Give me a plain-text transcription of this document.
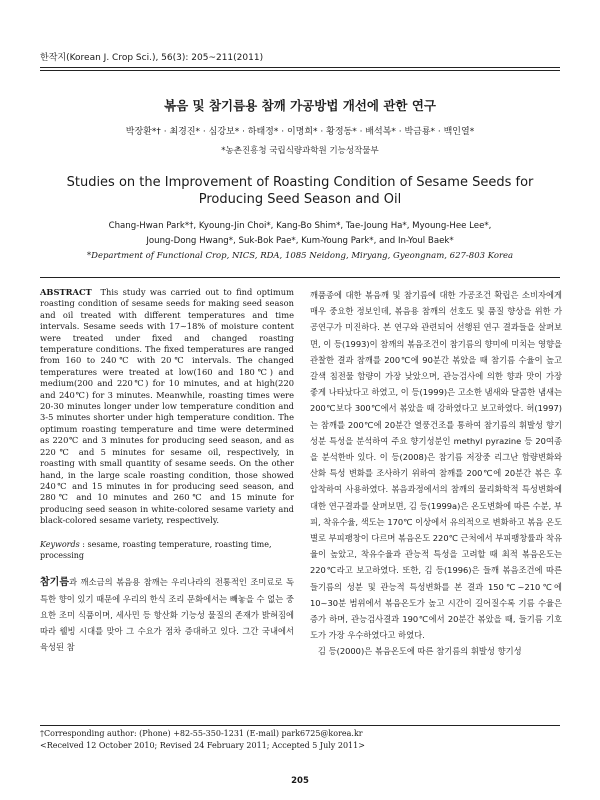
한작지(Korean J. Crop Sci.), 56(3): 205~211(2011)
볶음 및 참기름용 참깨 가공방법 개선에 관한 연구
박장환*† · 최경진* · 심강보* · 하태정* · 이명희* · 황정동* · 배석복* · 박금룡* · 백인열*
*농촌진흥청 국립식량과학원 기능성작물부
Studies on the Improvement of Roasting Condition of Sesame Seeds for
Producing Seed Season and Oil
Chang-Hwan Park*†, Kyoung-Jin Choi*, Kang-Bo Shim*, Tae-Joung Ha*, Myoung-Hee Lee*,
Joung-Dong Hwang*, Suk-Bok Pae*, Kum-Young Park*, and In-Youl Baek*
*Department of Functional Crop, NICS, RDA, 1085 Neidong, Miryang, Gyeongnam, 627-803 Korea

ABSTRACT This study was carried out to find optimum roasting condition of sesame seeds for making seed season and oil treated with different temperatures and time intervals. Sesame seeds with 17~18% of moisture content were treated under fixed and changed roasting temperature conditions. The fixed temperatures are ranged from 160 to 240℃ with 20℃ intervals. The changed temperatures were treated at low(160 and 180℃) and medium(200 and 220℃) for 10 minutes, and at high(220 and 240℃) for 3 minutes. Meanwhile, roasting times were 20-30 minutes longer under low temperature condition and 3-5 minutes shorter under high temperature condition. The optimum roasting temperature and time were determined as 220℃ and 3 minutes for producing seed season, and as 220℃ and 5 minutes for sesame oil, respectively, in roasting with small quantity of sesame seeds. On the other hand, in the large scale roasting condition, those showed 240℃ and 15 minutes in for producing seed season, and 280℃ and 10 minutes and 260℃ and 15 minute for producing seed season in white-colored sesame variety and black-colored sesame variety, respectively.

Keywords : sesame, roasting temperature, roasting time, processing

참기름과 깨소금의 볶음용 참깨는 우리나라의 전통적인 조미료로 독특한 향이 있기 때문에 우리의 한식 조리 문화에서는 빼놓을 수 없는 중요한 조미 식품이며, 세사민 등 항산화 기능성 물질의 존재가 밝혀짐에 따라 웰빙 시대를 맞아 그 수요가 점차 증대하고 있다. 그간 국내에서 육성된 참

깨품종에 대한 볶음깨 및 참기름에 대한 가공조건 확립은 소비자에게 매우 중요한 정보인데, 볶음용 참깨의 선호도 및 품질 향상을 위한 가공연구가 미진하다. 본 연구와 관련되어 선행된 연구 결과들을 살펴보면, 이 등(1993)이 참깨의 볶음조건이 참기름의 향미에 미치는 영향을 관찰한 결과 참깨를 200℃에 90분간 볶았을 때 참기름 수율이 높고 갈색 침전물 함량이 가장 낮았으며, 관능검사에 의한 향과 맛이 가장 좋게 나타났다고 하였고, 이 등(1999)은 고소한 냄새와 달콤한 냄새는 200℃보다 300℃에서 볶았을 때 강하였다고 보고하였다. 허(1997)는 참깨를 200℃에 20분간 열풍건조를 통하여 참기름의 휘발성 향기성분 특성을 분석하여 주요 향기성분인 methyl pyrazine 등 20여종을 분석한바 있다. 이 등(2008)은 참기름 저장중 리그난 함량변화와 산화 특성 변화를 조사하기 위하여 참깨를 200℃에 20분간 볶은 후 압착하여 사용하였다. 볶음과정에서의 참깨의 물리화학적 특성변화에 대한 연구결과를 살펴보면, 김 등(1999a)은 온도변화에 따른 수분, 부피, 착유수율, 색도는 170℃ 이상에서 유의적으로 변화하고 볶음 온도별로 부피팽창이 다르며 볶음온도 220℃ 근처에서 부피팽창률과 착유율이 높았고, 착유수율과 관능적 특성을 고려할 때 최적 볶음온도는 220℃라고 보고하였다. 또한, 김 등(1996)은 들깨 볶음조건에 따른 들기름의 성분 및 관능적 특성변화를 본 결과 150℃~210℃에 10~30분 범위에서 볶음온도가 높고 시간이 길어질수록 기름 수율은 증가 하며, 관능검사결과 190℃에서 20분간 볶았을 때, 들기름 기호도가 가장 우수하였다고 하였다.

김 등(2000)은 볶음온도에 따른 참기름의 휘발성 향기성

†Corresponding author: (Phone) +82-55-350-1231 (E-mail) park6725@korea.kr
<Received 12 October 2010; Revised 24 February 2011; Accepted 5 July 2011>
205
